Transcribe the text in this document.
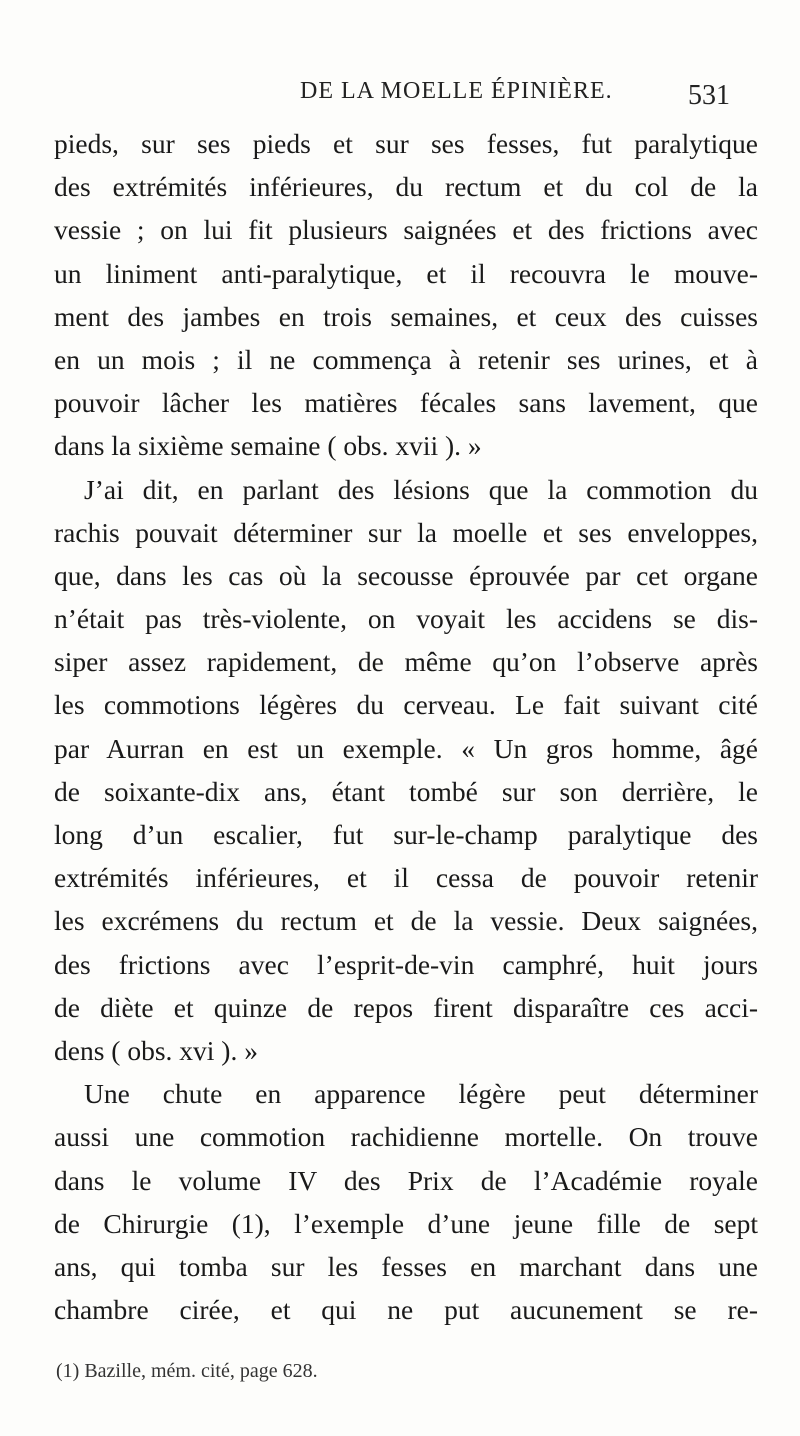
DE LA MOELLE ÉPINIÈRE.	531
pieds, sur ses pieds et sur ses fesses, fut paralytique
des extrémités inférieures, du rectum et du col de la
vessie ; on lui fit plusieurs saignées et des frictions avec
un liniment anti-paralytique, et il recouvra le mouve-
ment des jambes en trois semaines, et ceux des cuisses
en un mois ; il ne commença à retenir ses urines, et à
pouvoir lâcher les matières fécales sans lavement, que
dans la sixième semaine ( obs. xvii ). »
J’ai dit, en parlant des lésions que la commotion du
rachis pouvait déterminer sur la moelle et ses enveloppes,
que, dans les cas où la secousse éprouvée par cet organe
n’était pas très-violente, on voyait les accidens se dis-
siper assez rapidement, de même qu’on l’observe après
les commotions légères du cerveau. Le fait suivant cité
par Aurran en est un exemple. « Un gros homme, âgé
de soixante-dix ans, étant tombé sur son derrière, le
long d’un escalier, fut sur-le-champ paralytique des
extrémités inférieures, et il cessa de pouvoir retenir
les excrémens du rectum et de la vessie. Deux saignées,
des frictions avec l’esprit-de-vin camphré, huit jours
de diète et quinze de repos firent disparaître ces acci-
dens ( obs. xvi ). »
Une chute en apparence légère peut déterminer
aussi une commotion rachidienne mortelle. On trouve
dans le volume IV des Prix de l’Académie royale
de Chirurgie (1), l’exemple d’une jeune fille de sept
ans, qui tomba sur les fesses en marchant dans une
chambre cirée, et qui ne put aucunement se re-
(1) Bazille, mém. cité, page 628.
